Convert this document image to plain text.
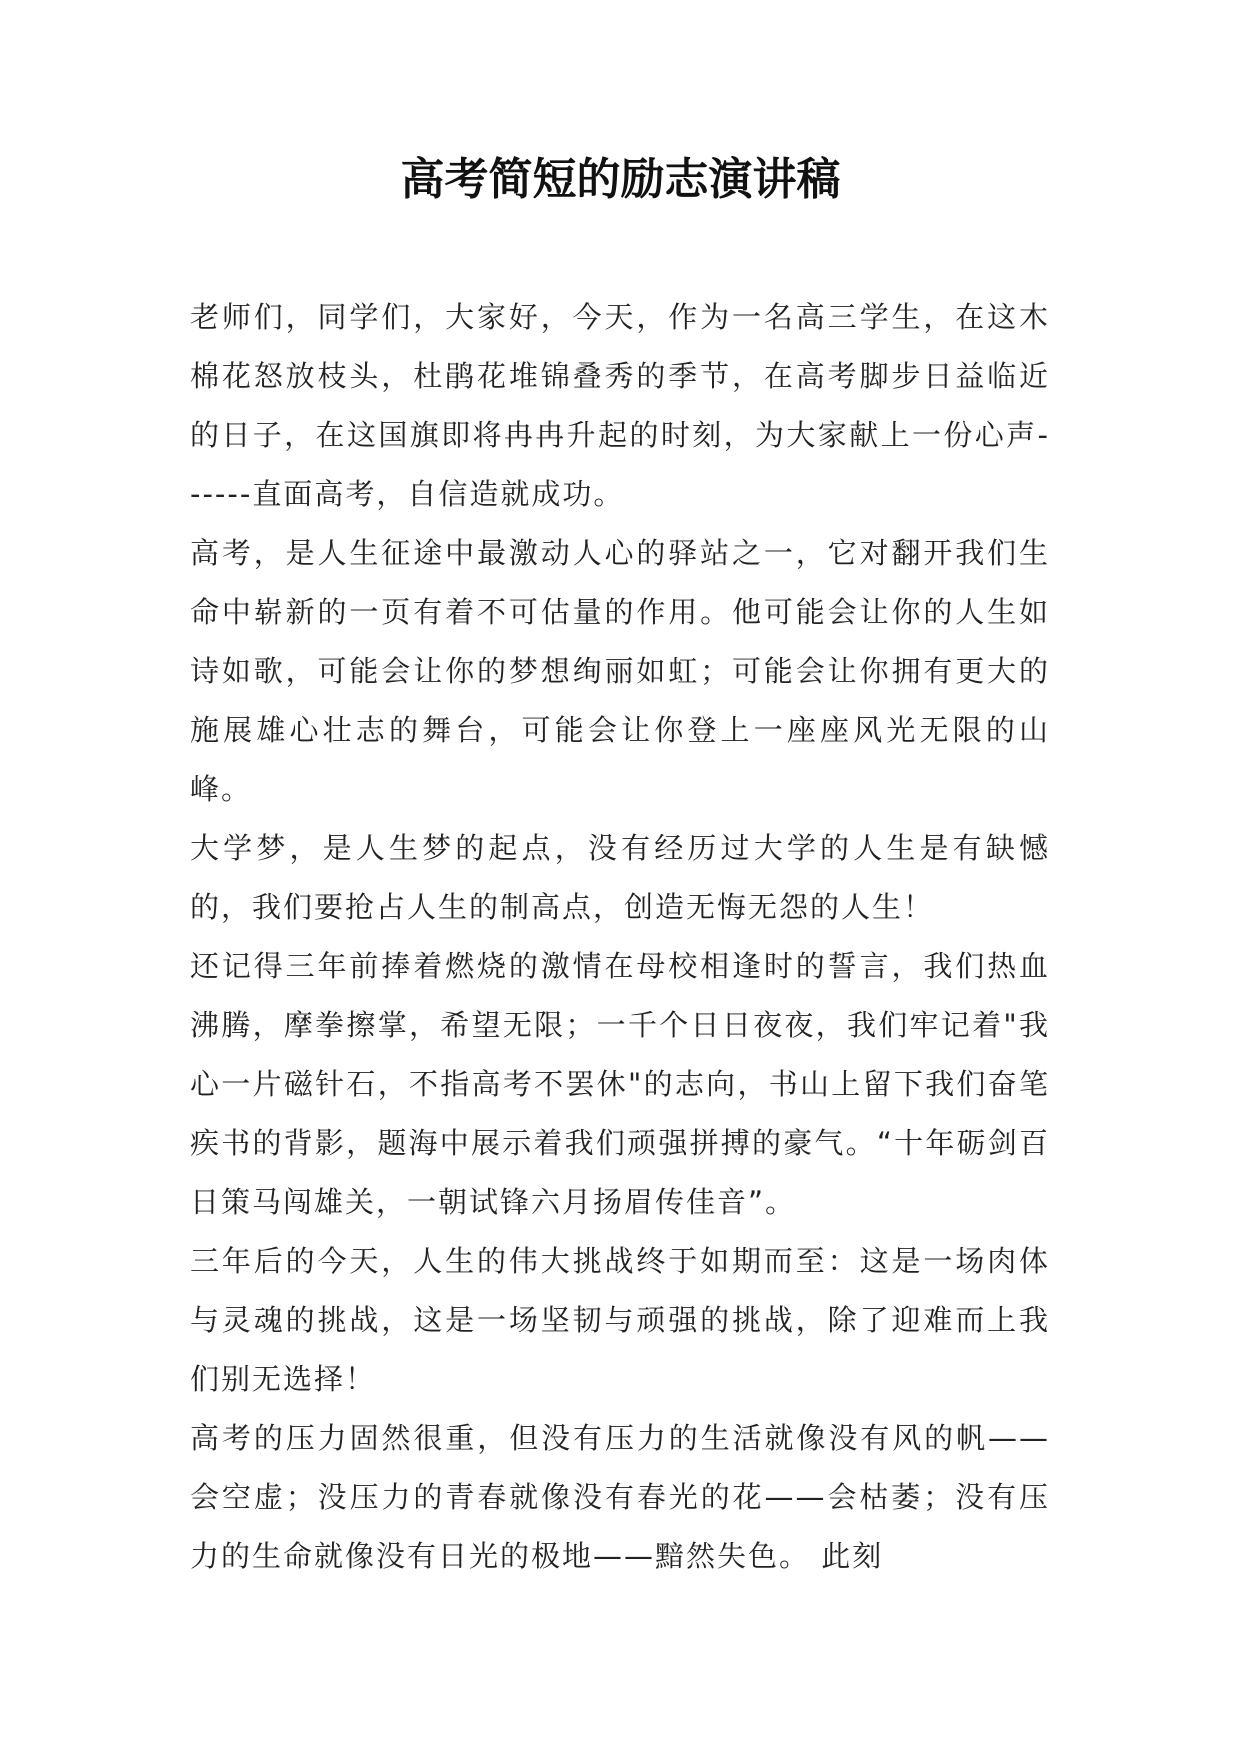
高考简短的励志演讲稿

老师们，同学们，大家好，今天，作为一名高三学生，在这木棉花怒放枝头，杜鹃花堆锦叠秀的季节，在高考脚步日益临近的日子，在这国旗即将冉冉升起的时刻，为大家献上一份心声------直面高考，自信造就成功。

高考，是人生征途中最激动人心的驿站之一，它对翻开我们生命中崭新的一页有着不可估量的作用。他可能会让你的人生如诗如歌，可能会让你的梦想绚丽如虹；可能会让你拥有更大的施展雄心壮志的舞台，可能会让你登上一座座风光无限的山峰。

大学梦，是人生梦的起点，没有经历过大学的人生是有缺憾的，我们要抢占人生的制高点，创造无悔无怨的人生！

还记得三年前捧着燃烧的激情在母校相逢时的誓言，我们热血沸腾，摩拳擦掌，希望无限；一千个日日夜夜，我们牢记着"我心一片磁针石，不指高考不罢休"的志向，书山上留下我们奋笔疾书的背影，题海中展示着我们顽强拼搏的豪气。“十年砺剑百日策马闯雄关，一朝试锋六月扬眉传佳音”。

三年后的今天，人生的伟大挑战终于如期而至：这是一场肉体与灵魂的挑战，这是一场坚韧与顽强的挑战，除了迎难而上我们别无选择！

高考的压力固然很重，但没有压力的生活就像没有风的帆——会空虚；没压力的青春就像没有春光的花——会枯萎；没有压力的生命就像没有日光的极地——黯然失色。 此刻
